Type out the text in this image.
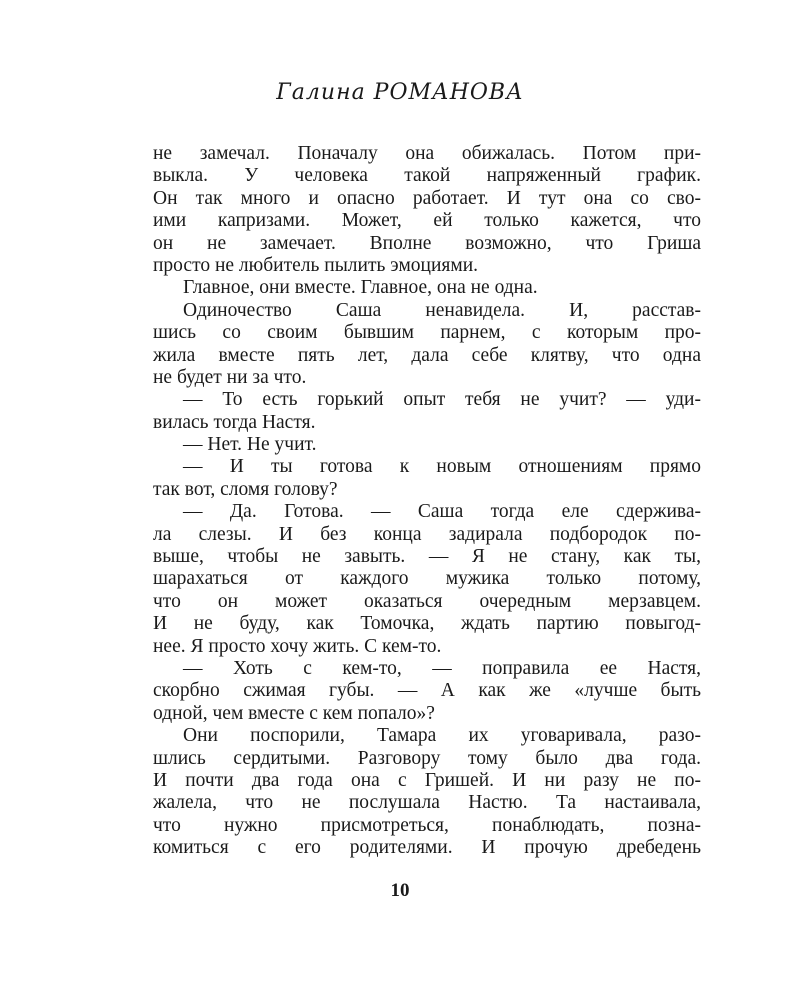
Галина РОМАНОВА
не замечал. Поначалу она обижалась. Потом при-
выкла. У человека такой напряженный график.
Он так много и опасно работает. И тут она со сво-
ими капризами. Может, ей только кажется, что
он не замечает. Вполне возможно, что Гриша
просто не любитель пылить эмоциями.
Главное, они вместе. Главное, она не одна.
Одиночество Саша ненавидела. И, расстав-
шись со своим бывшим парнем, с которым про-
жила вместе пять лет, дала себе клятву, что одна
не будет ни за что.
— То есть горький опыт тебя не учит? — уди-
вилась тогда Настя.
— Нет. Не учит.
— И ты готова к новым отношениям прямо
так вот, сломя голову?
— Да. Готова. — Саша тогда еле сдержива-
ла слезы. И без конца задирала подбородок по-
выше, чтобы не завыть. — Я не стану, как ты,
шарахаться от каждого мужика только потому,
что он может оказаться очередным мерзавцем.
И не буду, как Томочка, ждать партию повыгод-
нее. Я просто хочу жить. С кем-то.
— Хоть с кем-то, — поправила ее Настя,
скорбно сжимая губы. — А как же «лучше быть
одной, чем вместе с кем попало»?
Они поспорили, Тамара их уговаривала, разо-
шлись сердитыми. Разговору тому было два года.
И почти два года она с Гришей. И ни разу не по-
жалела, что не послушала Настю. Та настаивала,
что нужно присмотреться, понаблюдать, позна-
комиться с его родителями. И прочую дребедень
10
